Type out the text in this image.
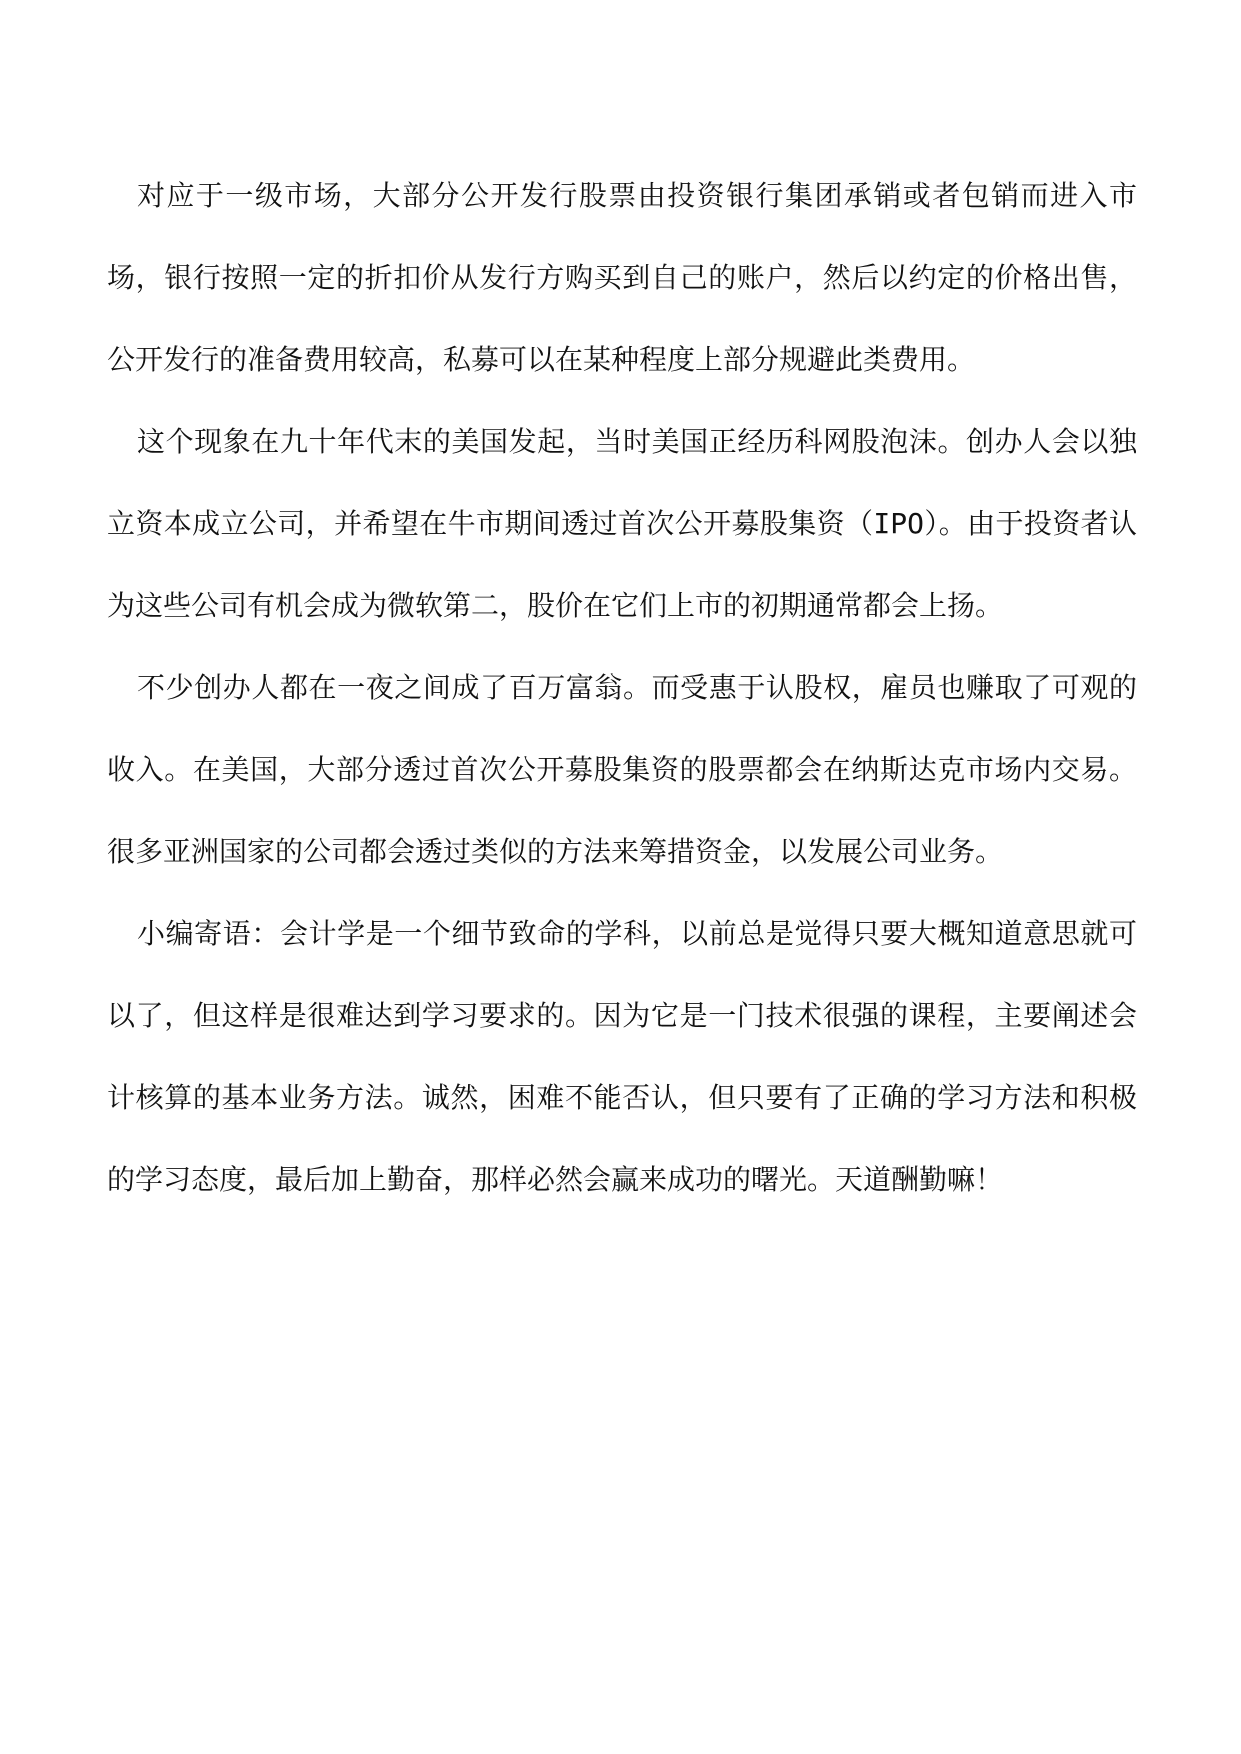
对应于一级市场，大部分公开发行股票由投资银行集团承销或者包销而进入市场，银行按照一定的折扣价从发行方购买到自己的账户，然后以约定的价格出售，公开发行的准备费用较高，私募可以在某种程度上部分规避此类费用。

这个现象在九十年代末的美国发起，当时美国正经历科网股泡沫。创办人会以独立资本成立公司，并希望在牛市期间透过首次公开募股集资（IPO）。由于投资者认为这些公司有机会成为微软第二，股价在它们上市的初期通常都会上扬。

不少创办人都在一夜之间成了百万富翁。而受惠于认股权，雇员也赚取了可观的收入。在美国，大部分透过首次公开募股集资的股票都会在纳斯达克市场内交易。很多亚洲国家的公司都会透过类似的方法来筹措资金，以发展公司业务。

小编寄语：会计学是一个细节致命的学科，以前总是觉得只要大概知道意思就可以了，但这样是很难达到学习要求的。因为它是一门技术很强的课程，主要阐述会计核算的基本业务方法。诚然，困难不能否认，但只要有了正确的学习方法和积极的学习态度，最后加上勤奋，那样必然会赢来成功的曙光。天道酬勤嘛！
